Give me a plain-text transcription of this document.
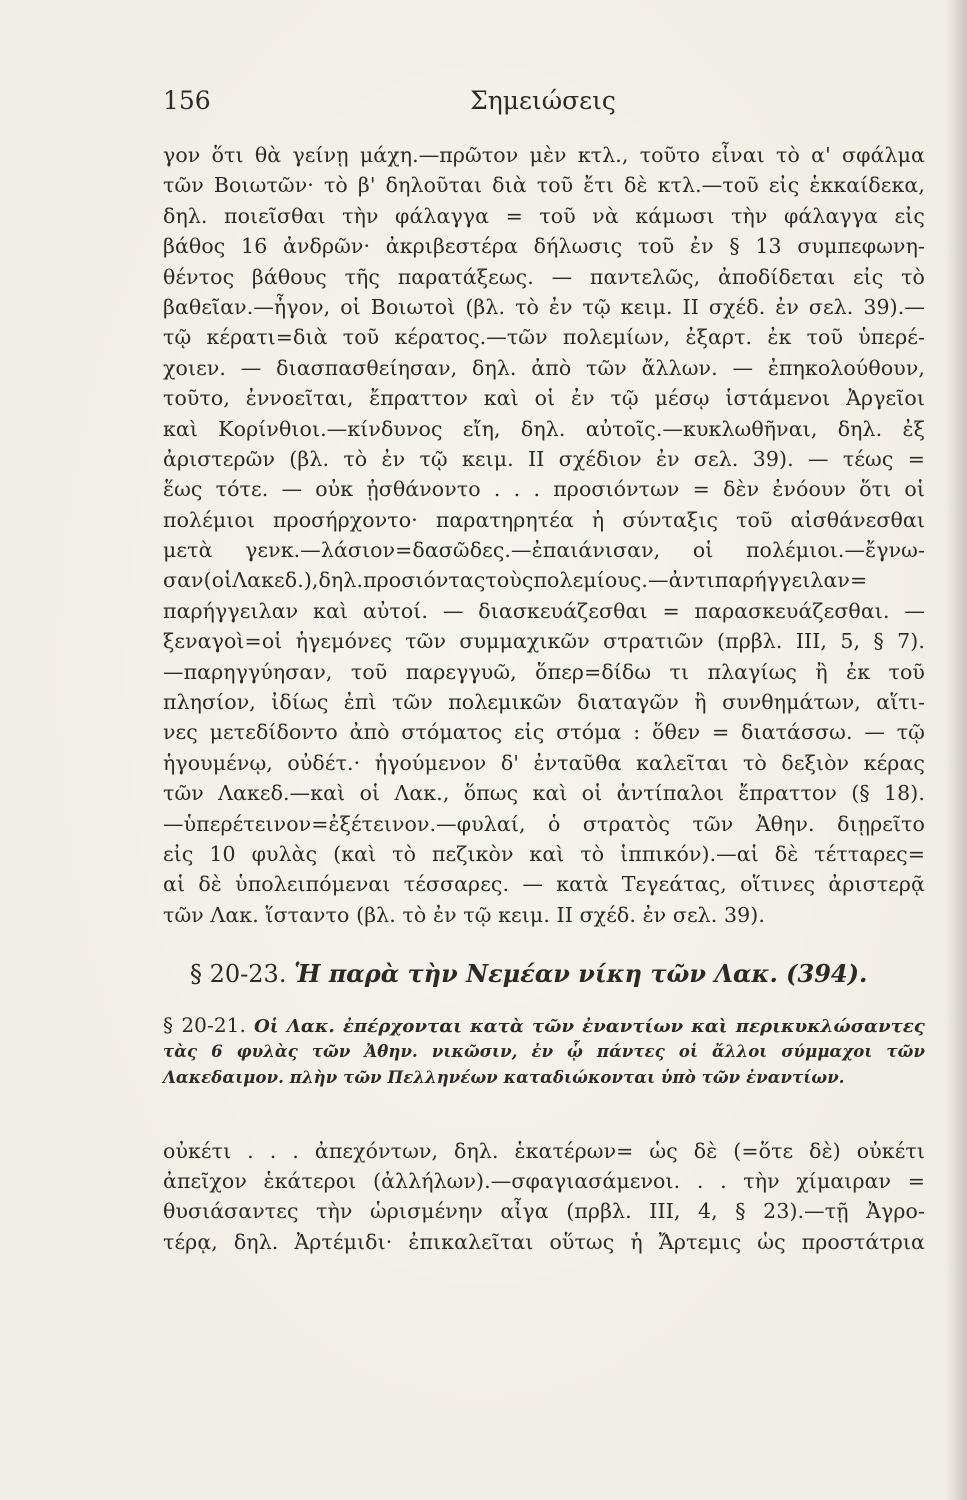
156	Σημειώσεις
γον ὅτι θὰ γείνῃ μάχη.—πρῶτον μὲν κτλ., τοῦτο εἶναι τὸ α' σφάλμα
τῶν Βοιωτῶν· τὸ β' δηλοῦται διὰ τοῦ ἔτι δὲ κτλ.—τοῦ εἰς ἑκκαίδεκα,
δηλ. ποιεῖσθαι τὴν φάλαγγα = τοῦ νὰ κάμωσι τὴν φάλαγγα εἰς
βάθος 16 ἀνδρῶν· ἀκριβεστέρα δήλωσις τοῦ ἐν § 13 συμπεφωνη-
θέντος βάθους τῆς παρατάξεως. — παντελῶς, ἀποδίδεται εἰς τὸ
βαθεῖαν.—ἦγον, οἱ Βοιωτοὶ (βλ. τὸ ἐν τῷ κειμ. II σχέδ. ἐν σελ. 39).—
τῷ κέρατι=διὰ τοῦ κέρατος.—τῶν πολεμίων, ἐξαρτ. ἐκ τοῦ ὑπερέ-
χοιεν. — διασπασθείησαν, δηλ. ἀπὸ τῶν ἄλλων. — ἐπηκολούθουν,
τοῦτο, ἐννοεῖται, ἔπραττον καὶ οἱ ἐν τῷ μέσῳ ἱστάμενοι Ἀργεῖοι
καὶ Κορίνθιοι.—κίνδυνος εἴη, δηλ. αὐτοῖς.—κυκλωθῆναι, δηλ. ἐξ
ἀριστερῶν (βλ. τὸ ἐν τῷ κειμ. II σχέδιον ἐν σελ. 39). — τέως =
ἕως τότε. — οὐκ ᾐσθάνοντο . . . προσιόντων = δὲν ἐνόουν ὅτι οἱ
πολέμιοι προσήρχοντο· παρατηρητέα ἡ σύνταξις τοῦ αἰσθάνεσθαι
μετὰ γενκ.—λάσιον=δασῶδες.—ἐπαιάνισαν, οἱ πολέμιοι.—ἔγνω-
σαν(οἱΛακεδ.),δηλ.προσιόνταςτοὺςπολεμίους.—ἀντιπαρήγγειλαν=
παρήγγειλαν καὶ αὐτοί. — διασκευάζεσθαι = παρασκευάζεσθαι. —
ξεναγοὶ=οἱ ἡγεμόνες τῶν συμμαχικῶν στρατιῶν (πρβλ. III, 5, § 7).
—παρηγγύησαν, τοῦ παρεγγυῶ, ὅπερ=δίδω τι πλαγίως ἢ ἐκ τοῦ
πλησίον, ἰδίως ἐπὶ τῶν πολεμικῶν διαταγῶν ἢ συνθημάτων, αἵτι-
νες μετεδίδοντο ἀπὸ στόματος εἰς στόμα : ὅθεν = διατάσσω. — τῷ
ἡγουμένῳ, οὐδέτ.· ἡγούμενον δ' ἐνταῦθα καλεῖται τὸ δεξιὸν κέρας
τῶν Λακεδ.—καὶ οἱ Λακ., ὅπως καὶ οἱ ἀντίπαλοι ἔπραττον (§ 18).
—ὑπερέτεινον=ἐξέτεινον.—φυλαί, ὁ στρατὸς τῶν Ἀθην. διῃρεῖτο
εἰς 10 φυλὰς (καὶ τὸ πεζικὸν καὶ τὸ ἱππικόν).—αἱ δὲ τέτταρες=
αἱ δὲ ὑπολειπόμεναι τέσσαρες. — κατὰ Τεγεάτας, οἵτινες ἀριστερᾷ
τῶν Λακ. ἵσταντο (βλ. τὸ ἐν τῷ κειμ. II σχέδ. ἐν σελ. 39).
§ 20-23. Ἡ παρὰ τὴν Νεμέαν νίκη τῶν Λακ. (394).
§ 20-21. Οἱ Λακ. ἐπέρχονται κατὰ τῶν ἐναντίων καὶ περικυκλώσαντες
τὰς 6 φυλὰς τῶν Ἀθην. νικῶσιν, ἐν ᾧ πάντες οἱ ἄλλοι σύμμαχοι τῶν
Λακεδαιμον. πλὴν τῶν Πελληνέων καταδιώκονται ὑπὸ τῶν ἐναντίων.
οὐκέτι . . . ἀπεχόντων, δηλ. ἑκατέρων= ὡς δὲ (=ὅτε δὲ) οὐκέτι
ἀπεῖχον ἑκάτεροι (ἀλλήλων).—σφαγιασάμενοι. . . τὴν χίμαιραν =
θυσιάσαντες τὴν ὡρισμένην αἶγα (πρβλ. III, 4, § 23).—τῇ Ἀγρο-
τέρᾳ, δηλ. Ἀρτέμιδι· ἐπικαλεῖται οὕτως ἡ Ἄρτεμις ὡς προστάτρια
